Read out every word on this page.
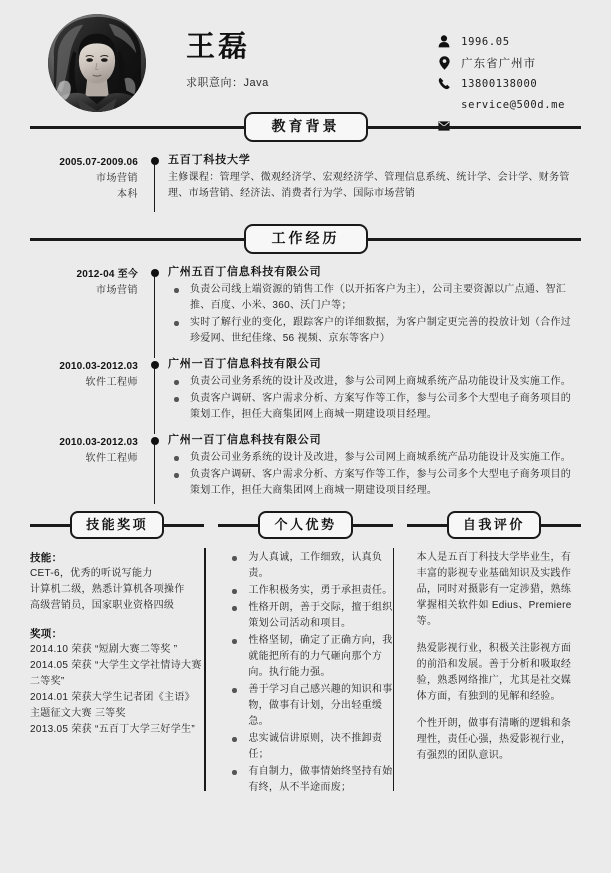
王磊
求职意向：Java
1996.05
广东省广州市
13800138000
service@500d.me
教育背景
2005.07-2009.06
市场营销
本科
五百丁科技大学
主修课程：管理学、微观经济学、宏观经济学、管理信息系统、统计学、会计学、财务管理、市场营销、经济法、消费者行为学、国际市场营销
工作经历
2012-04 至今
市场营销
广州五百丁信息科技有限公司
负责公司线上端资源的销售工作（以开拓客户为主），公司主要资源以广点通、智汇推、百度、小米、360、沃门户等；
实时了解行业的变化，跟踪客户的详细数据，为客户制定更完善的投放计划（合作过珍爱网、世纪佳缘、56 视频、京东等客户）
2010.03-2012.03
软件工程师
广州一百丁信息科技有限公司
负责公司业务系统的设计及改进，参与公司网上商城系统产品功能设计及实施工作。
负责客户调研、客户需求分析、方案写作等工作，参与公司多个大型电子商务项目的策划工作，担任大商集团网上商城一期建设项目经理。
2010.03-2012.03
软件工程师
广州一百丁信息科技有限公司
负责公司业务系统的设计及改进，参与公司网上商城系统产品功能设计及实施工作。
负责客户调研、客户需求分析、方案写作等工作，参与公司多个大型电子商务项目的策划工作，担任大商集团网上商城一期建设项目经理。
技能奖项
技能：
CET-6，优秀的听说写能力
计算机二级，熟悉计算机各项操作
高级营销员，国家职业资格四级
奖项：
2014.10 荣获 “短剧大赛二等奖 ”
2014.05 荣获 “大学生文学社情诗大赛二等奖”
2014.01 荣获大学生记者团《主语》主题征文大赛 三等奖
2013.05 荣获 “五百丁大学三好学生”
个人优势
为人真诚，工作细致，认真负责。
工作积极务实，勇于承担责任。
性格开朗，善于交际，擅于组织策划公司活动和项目。
性格坚韧，确定了正确方向，我就能把所有的力气砸向那个方向。执行能力强。
善于学习自己感兴趣的知识和事物，做事有计划，分出轻重缓急。
忠实诚信讲原则，决不推卸责任；
有自制力，做事情始终坚持有始有终，从不半途而废；
自我评价

本人是五百丁科技大学毕业生，有丰富的影视专业基础知识及实践作品，同时对摄影有一定涉猎，熟练掌握相关软件如 Edius、Premiere 等。

热爱影视行业，积极关注影视方面的前沿和发展。善于分析和吸取经验，熟悉网络推广，尤其是社交媒体方面，有独到的见解和经验。

个性开朗，做事有清晰的逻辑和条理性，责任心强，热爱影视行业，有强烈的团队意识。
